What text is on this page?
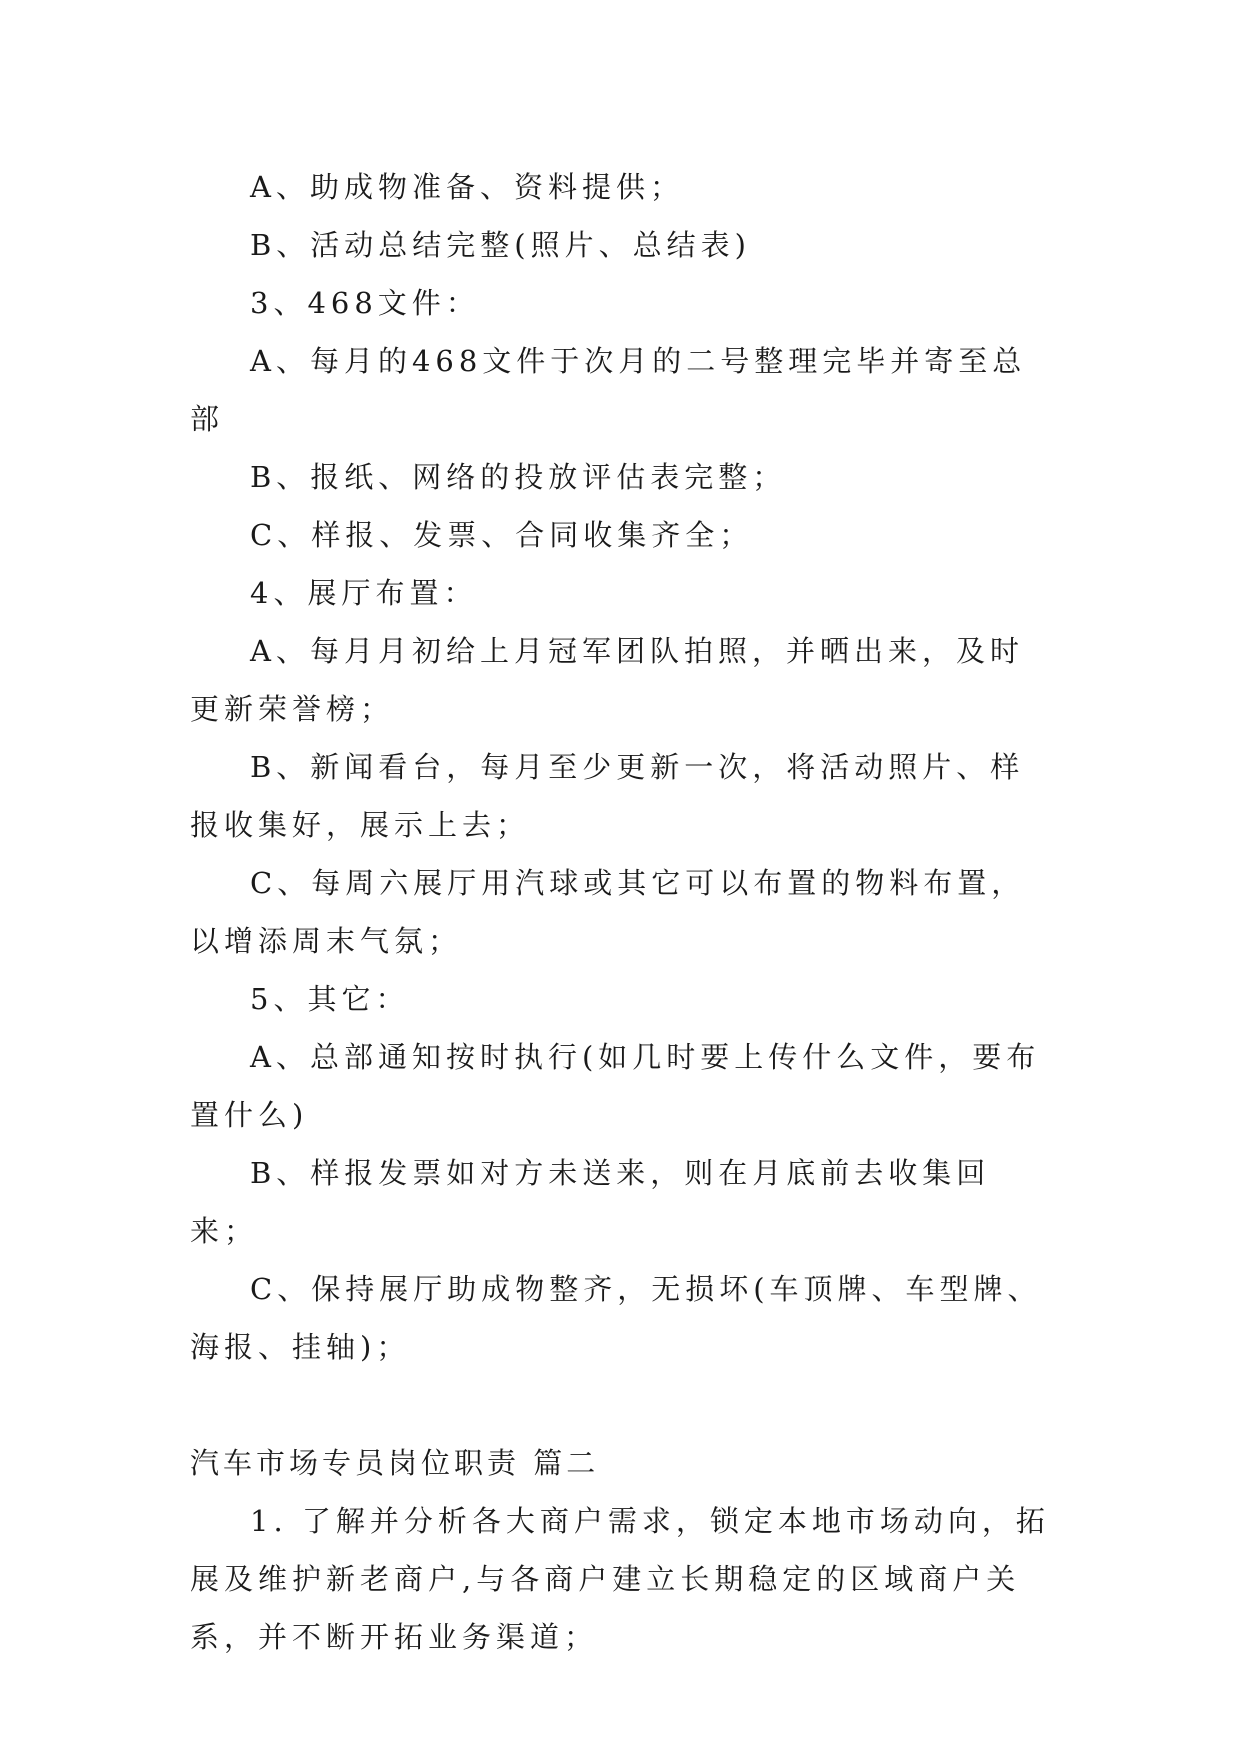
A、助成物准备、资料提供；

B、活动总结完整(照片、总结表)

3、468文件：

A、每月的468文件于次月的二号整理完毕并寄至总部

B、报纸、网络的投放评估表完整；

C、样报、发票、合同收集齐全；

4、展厅布置：

A、每月月初给上月冠军团队拍照，并晒出来，及时更新荣誉榜；

B、新闻看台，每月至少更新一次，将活动照片、样报收集好，展示上去；

C、每周六展厅用汽球或其它可以布置的物料布置，以增添周末气氛；

5、其它：

A、总部通知按时执行(如几时要上传什么文件，要布置什么)

B、样报发票如对方未送来，则在月底前去收集回来；

C、保持展厅助成物整齐，无损坏(车顶牌、车型牌、海报、挂轴)；

汽车市场专员岗位职责 篇二

1. 了解并分析各大商户需求，锁定本地市场动向，拓展及维护新老商户,与各商户建立长期稳定的区域商户关系，并不断开拓业务渠道；
